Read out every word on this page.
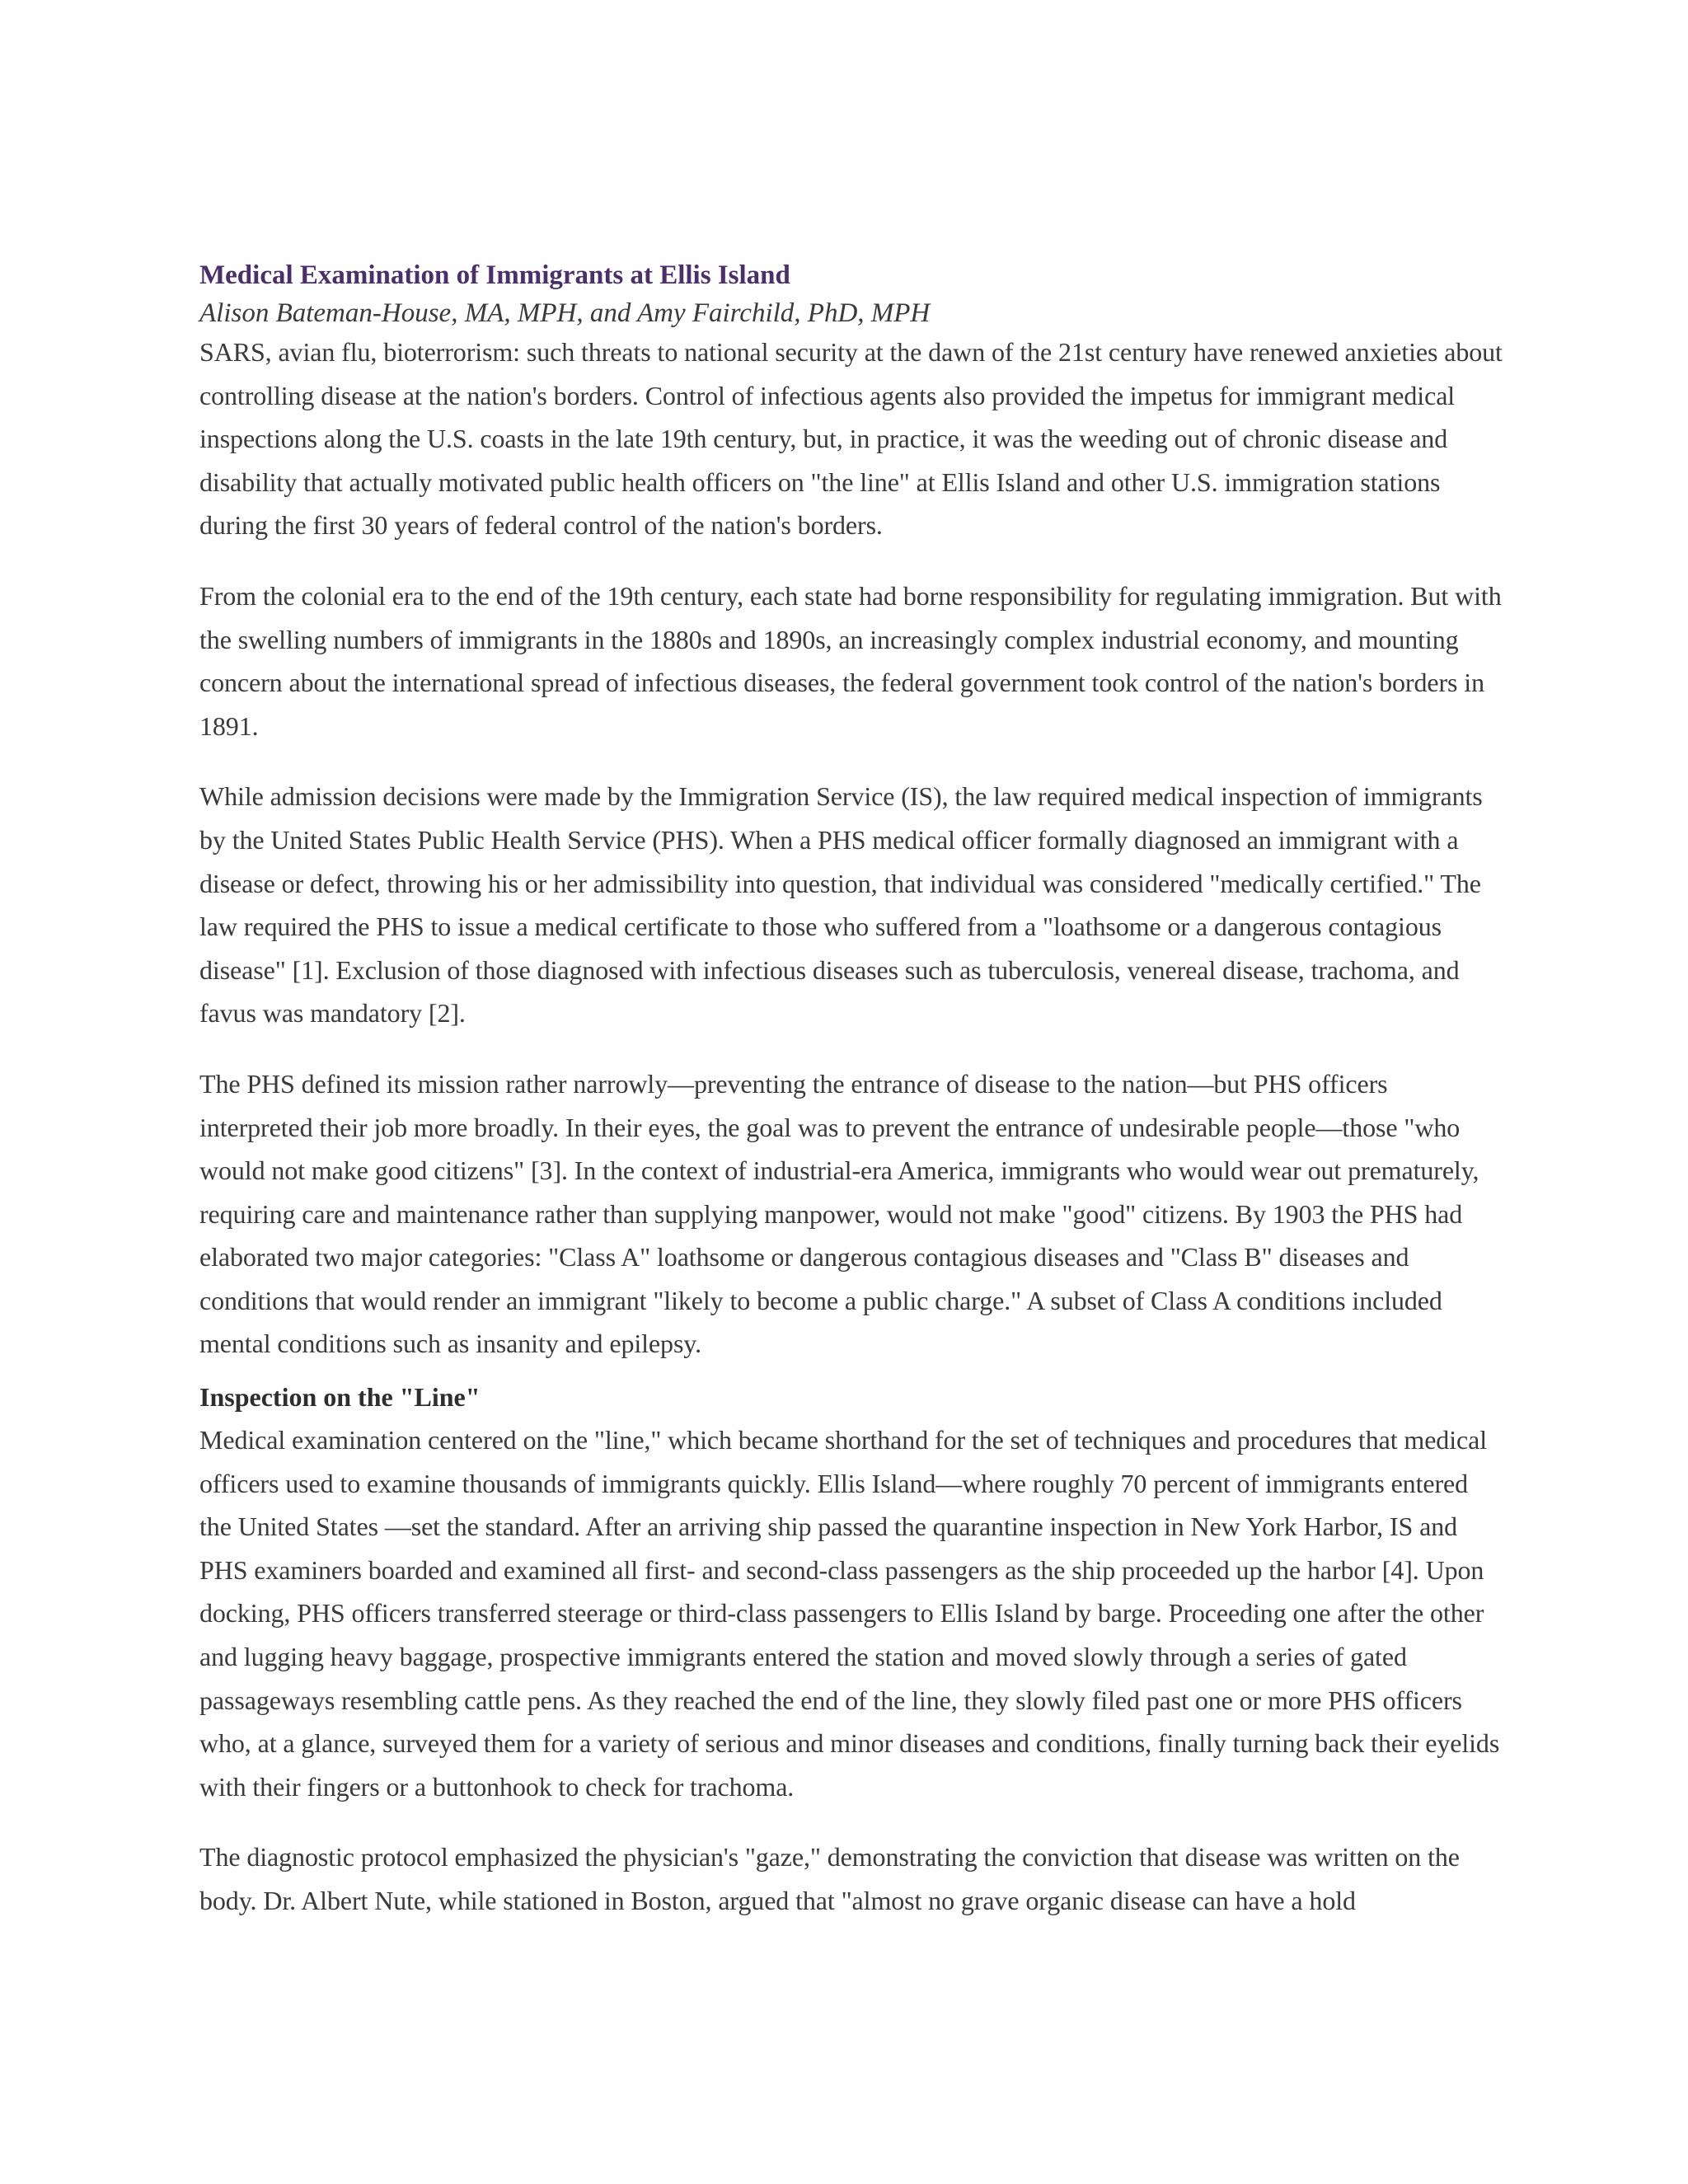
Medical Examination of Immigrants at Ellis Island
Alison Bateman-House, MA, MPH, and Amy Fairchild, PhD, MPH

SARS, avian flu, bioterrorism: such threats to national security at the dawn of the 21st century have renewed anxieties about controlling disease at the nation's borders. Control of infectious agents also provided the impetus for immigrant medical inspections along the U.S. coasts in the late 19th century, but, in practice, it was the weeding out of chronic disease and disability that actually motivated public health officers on "the line" at Ellis Island and other U.S. immigration stations during the first 30 years of federal control of the nation's borders.

From the colonial era to the end of the 19th century, each state had borne responsibility for regulating immigration. But with the swelling numbers of immigrants in the 1880s and 1890s, an increasingly complex industrial economy, and mounting concern about the international spread of infectious diseases, the federal government took control of the nation's borders in 1891.

While admission decisions were made by the Immigration Service (IS), the law required medical inspection of immigrants by the United States Public Health Service (PHS). When a PHS medical officer formally diagnosed an immigrant with a disease or defect, throwing his or her admissibility into question, that individual was considered "medically certified." The law required the PHS to issue a medical certificate to those who suffered from a "loathsome or a dangerous contagious disease" [1]. Exclusion of those diagnosed with infectious diseases such as tuberculosis, venereal disease, trachoma, and favus was mandatory [2].

The PHS defined its mission rather narrowly—preventing the entrance of disease to the nation—but PHS officers interpreted their job more broadly. In their eyes, the goal was to prevent the entrance of undesirable people—those "who would not make good citizens" [3]. In the context of industrial-era America, immigrants who would wear out prematurely, requiring care and maintenance rather than supplying manpower, would not make "good" citizens. By 1903 the PHS had elaborated two major categories: "Class A" loathsome or dangerous contagious diseases and "Class B" diseases and conditions that would render an immigrant "likely to become a public charge." A subset of Class A conditions included mental conditions such as insanity and epilepsy.

Inspection on the "Line"

Medical examination centered on the "line," which became shorthand for the set of techniques and procedures that medical officers used to examine thousands of immigrants quickly. Ellis Island—where roughly 70 percent of immigrants entered the United States —set the standard. After an arriving ship passed the quarantine inspection in New York Harbor, IS and PHS examiners boarded and examined all first- and second-class passengers as the ship proceeded up the harbor [4]. Upon docking, PHS officers transferred steerage or third-class passengers to Ellis Island by barge. Proceeding one after the other and lugging heavy baggage, prospective immigrants entered the station and moved slowly through a series of gated passageways resembling cattle pens. As they reached the end of the line, they slowly filed past one or more PHS officers who, at a glance, surveyed them for a variety of serious and minor diseases and conditions, finally turning back their eyelids with their fingers or a buttonhook to check for trachoma.

The diagnostic protocol emphasized the physician's "gaze," demonstrating the conviction that disease was written on the body. Dr. Albert Nute, while stationed in Boston, argued that "almost no grave organic disease can have a hold
